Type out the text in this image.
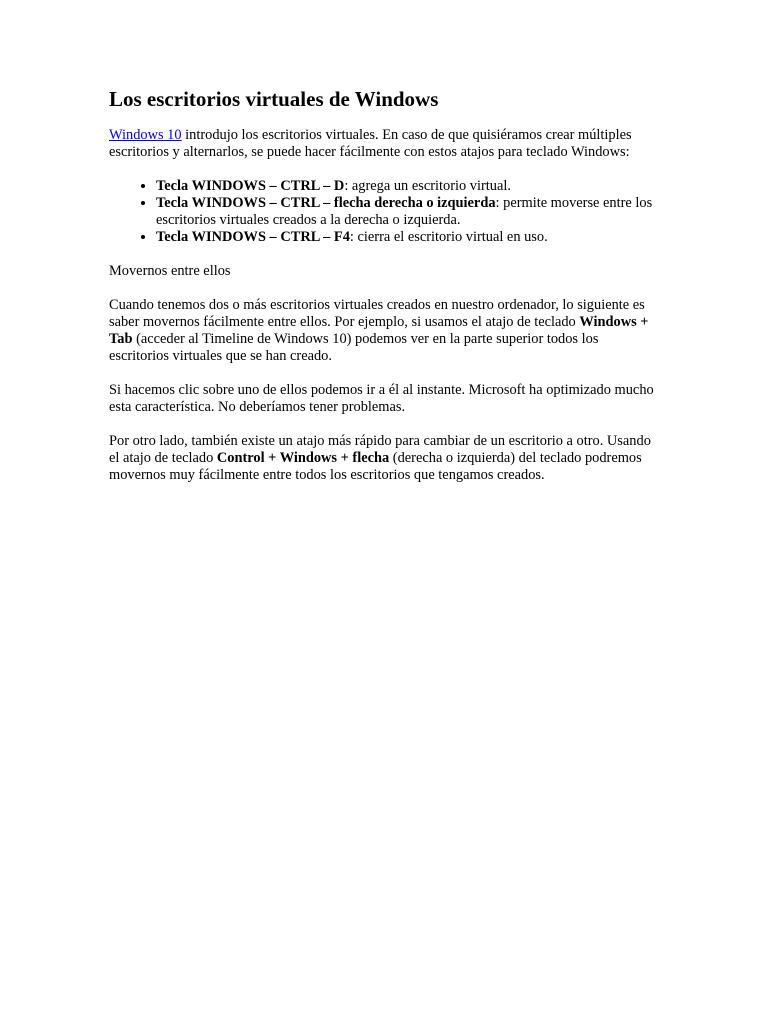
Los escritorios virtuales de Windows

Windows 10 introdujo los escritorios virtuales. En caso de que quisiéramos crear múltiples escritorios y alternarlos, se puede hacer fácilmente con estos atajos para teclado Windows:

• Tecla WINDOWS – CTRL – D: agrega un escritorio virtual.
• Tecla WINDOWS – CTRL – flecha derecha o izquierda: permite moverse entre los escritorios virtuales creados a la derecha o izquierda.
• Tecla WINDOWS – CTRL – F4: cierra el escritorio virtual en uso.

Movernos entre ellos

Cuando tenemos dos o más escritorios virtuales creados en nuestro ordenador, lo siguiente es saber movernos fácilmente entre ellos. Por ejemplo, si usamos el atajo de teclado Windows + Tab (acceder al Timeline de Windows 10) podemos ver en la parte superior todos los escritorios virtuales que se han creado.

Si hacemos clic sobre uno de ellos podemos ir a él al instante. Microsoft ha optimizado mucho esta característica. No deberíamos tener problemas.

Por otro lado, también existe un atajo más rápido para cambiar de un escritorio a otro. Usando el atajo de teclado Control + Windows + flecha (derecha o izquierda) del teclado podremos movernos muy fácilmente entre todos los escritorios que tengamos creados.
